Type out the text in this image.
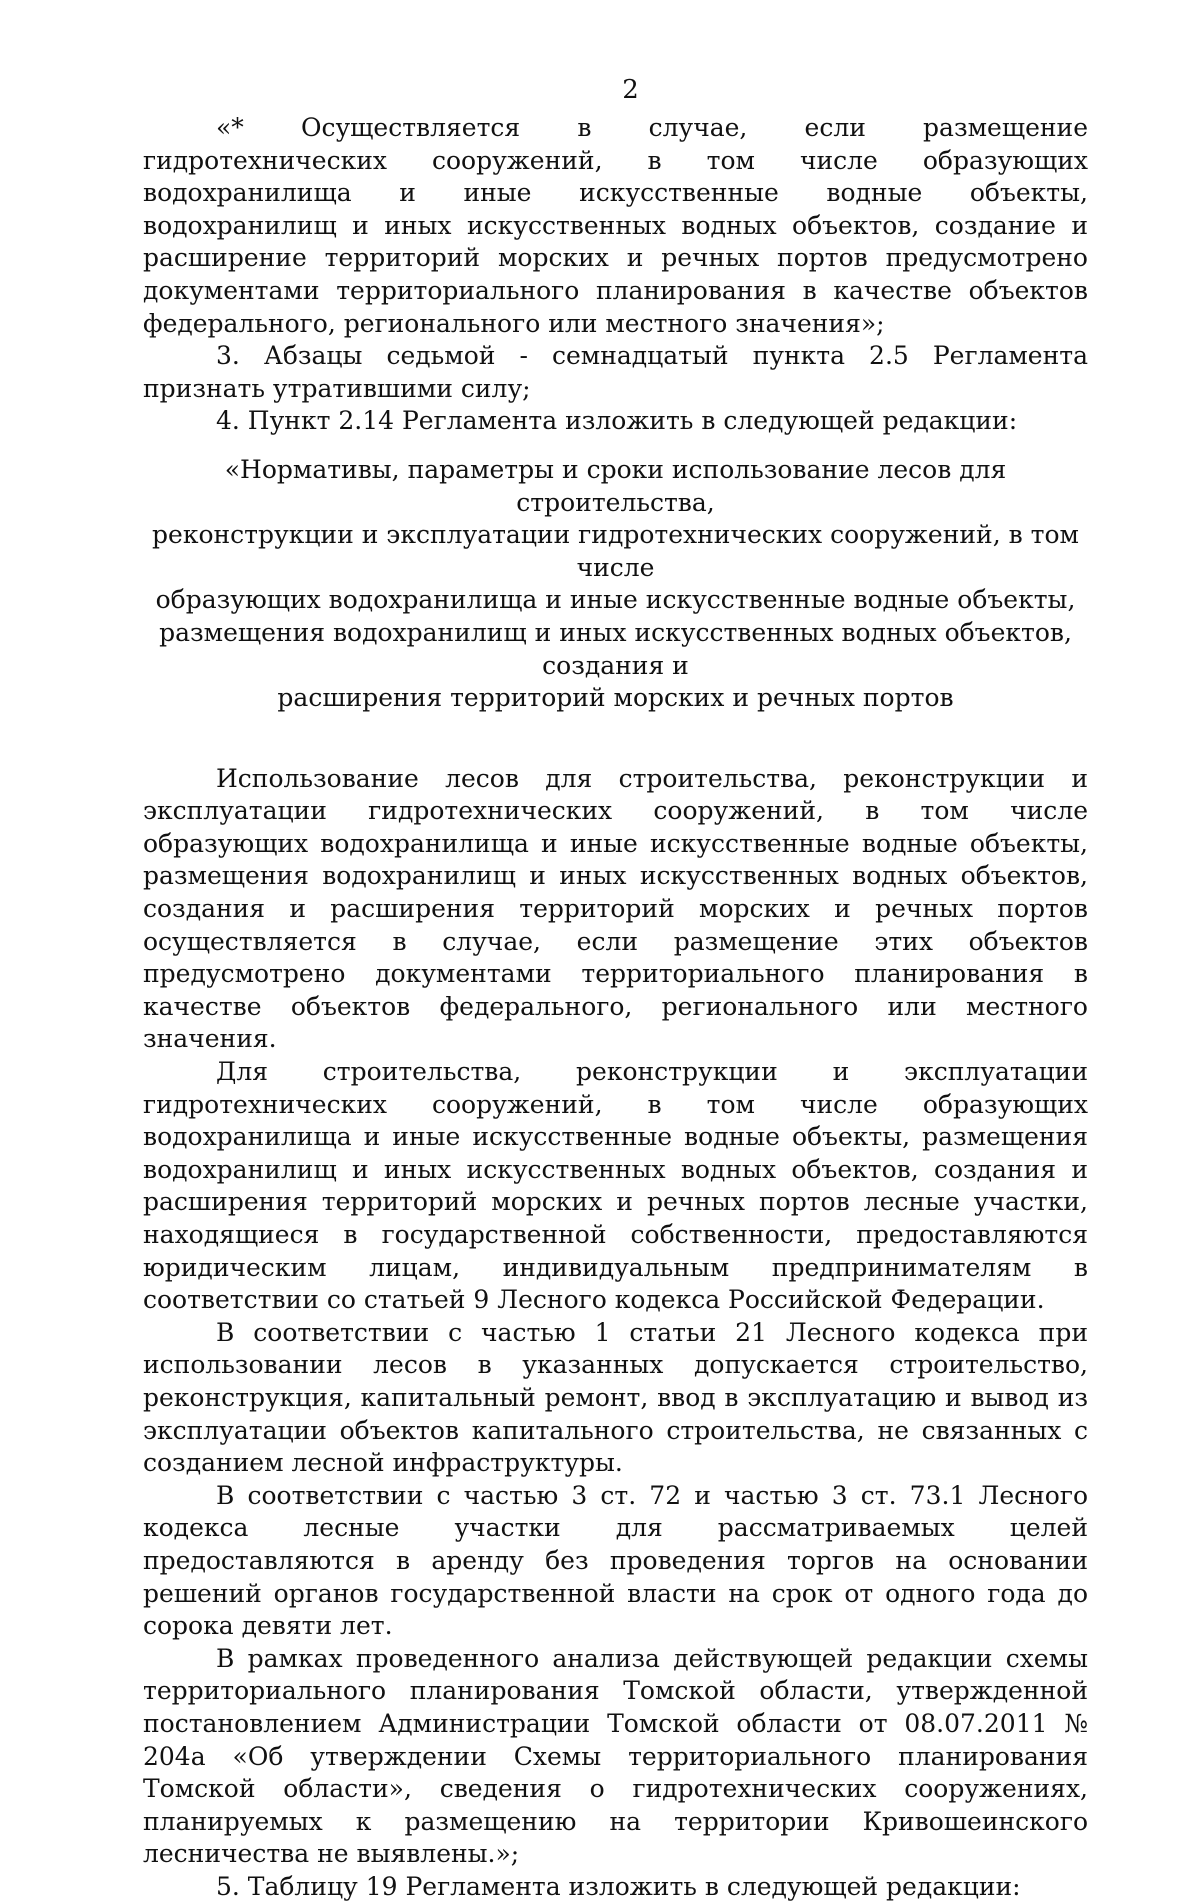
2

«* Осуществляется в случае, если размещение гидротехнических сооружений, в том числе образующих водохранилища и иные искусственные водные объекты, водохранилищ и иных искусственных водных объектов, создание и расширение территорий морских и речных портов предусмотрено документами территориального планирования в качестве объектов федерального, регионального или местного значения»;

3. Абзацы седьмой - семнадцатый пункта 2.5 Регламента признать утратившими силу;

4. Пункт 2.14 Регламента изложить в следующей редакции:

«Нормативы, параметры и сроки использование лесов для строительства,
реконструкции и эксплуатации гидротехнических сооружений, в том числе
образующих водохранилища и иные искусственные водные объекты,
размещения водохранилищ и иных искусственных водных объектов, создания и
расширения территорий морских и речных портов

Использование лесов для строительства, реконструкции и эксплуатации гидротехнических сооружений, в том числе образующих водохранилища и иные искусственные водные объекты, размещения водохранилищ и иных искусственных водных объектов, создания и расширения территорий морских и речных портов осуществляется в случае, если размещение этих объектов предусмотрено документами территориального планирования в качестве объектов федерального, регионального или местного значения.

Для строительства, реконструкции и эксплуатации гидротехнических сооружений, в том числе образующих водохранилища и иные искусственные водные объекты, размещения водохранилищ и иных искусственных водных объектов, создания и расширения территорий морских и речных портов лесные участки, находящиеся в государственной собственности, предоставляются юридическим лицам, индивидуальным предпринимателям в соответствии со статьей 9 Лесного кодекса Российской Федерации.

В соответствии с частью 1 статьи 21 Лесного кодекса при использовании лесов в указанных допускается строительство, реконструкция, капитальный ремонт, ввод в эксплуатацию и вывод из эксплуатации объектов капитального строительства, не связанных с созданием лесной инфраструктуры.

В соответствии с частью 3 ст. 72 и частью 3 ст. 73.1 Лесного кодекса лесные участки для рассматриваемых целей предоставляются в аренду без проведения торгов на основании решений органов государственной власти на срок от одного года до сорока девяти лет.

В рамках проведенного анализа действующей редакции схемы территориального планирования Томской области, утвержденной постановлением Администрации Томской области от 08.07.2011 № 204а «Об утверждении Схемы территориального планирования Томской области», сведения о гидротехнических сооружениях, планируемых к размещению на территории Кривошеинского лесничества не выявлены.»;

5. Таблицу 19 Регламента изложить в следующей редакции:
